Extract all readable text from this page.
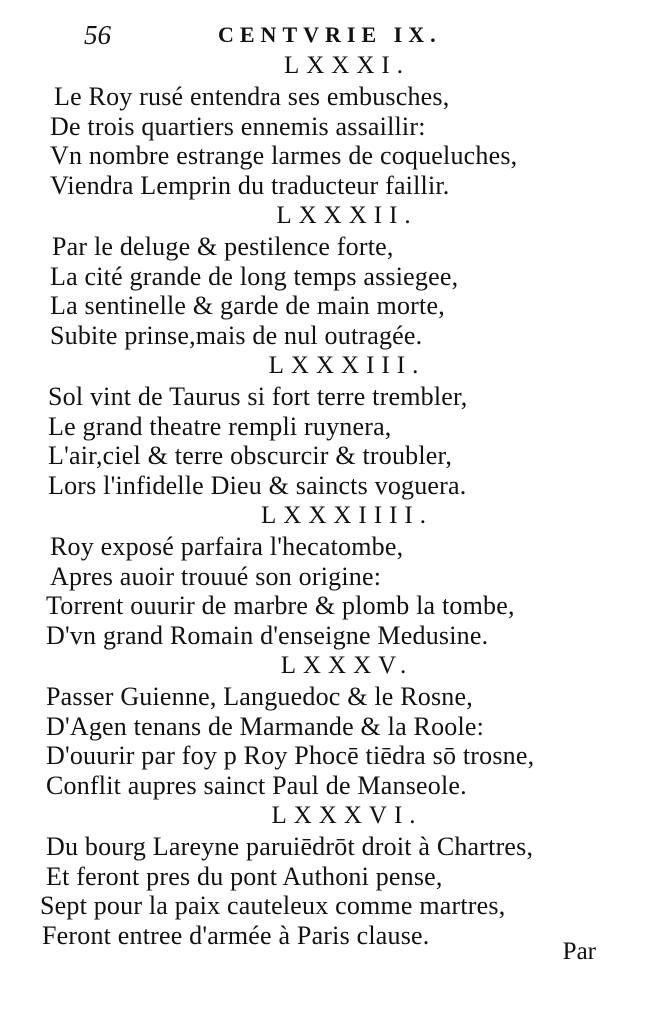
56	CENTVRIE IX.
LXXXI.
Le Roy rusé entendra ses embusches,
De trois quartiers ennemis assaillir:
Vn nombre estrange larmes de coqueluches,
Viendra Lemprin du traducteur faillir.
LXXXII.
Par le deluge & pestilence forte,
La cité grande de long temps assiegee,
La sentinelle & garde de main morte,
Subite prinse,mais de nul outragée.
LXXXIII.
Sol vint de Taurus si fort terre trembler,
Le grand theatre rempli ruynera,
L'air,ciel & terre obscurcir & troubler,
Lors l'infidelle Dieu & saincts voguera.
LXXXIIII.
Roy exposé parfaira l'hecatombe,
Apres auoir trouué son origine:
Torrent ouurir de marbre & plomb la tombe,
D'vn grand Romain d'enseigne Medusine.
LXXXV.
Passer Guienne, Languedoc & le Rosne,
D'Agen tenans de Marmande & la Roole:
D'ouurir par foy p Roy Phocē tiēdra sō trosne,
Conflit aupres sainct Paul de Manseole.
LXXXVI.
Du bourg Lareyne paruiēdrōt droit à Chartres,
Et feront pres du pont Authoni pense,
Sept pour la paix cauteleux comme martres,
Feront entree d'armée à Paris clause.
Par
